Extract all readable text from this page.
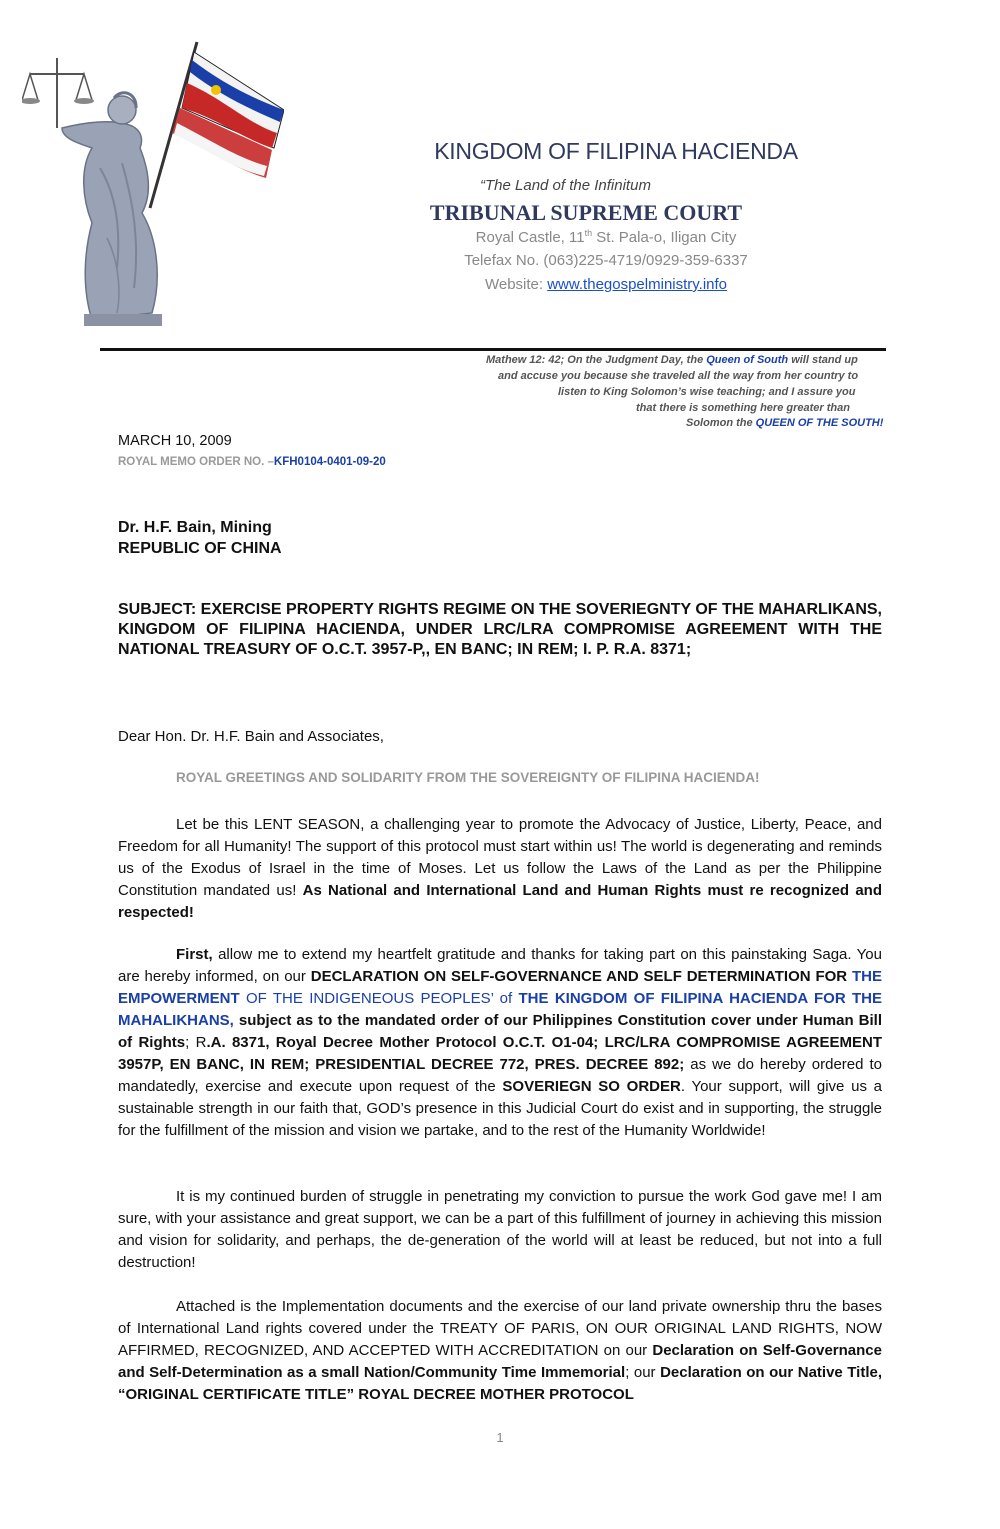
KINGDOM OF FILIPINA HACIENDA
“The Land of the Infinitum
TRIBUNAL SUPREME COURT
Royal Castle, 11th St. Pala-o, Iligan City
Telefax No. (063)225-4719/0929-359-6337
Website: www.thegospelministry.info
Mathew 12: 42; On the Judgment Day, the Queen of South will stand up
and accuse you because she traveled all the way from her country to
listen to King Solomon’s wise teaching; and I assure you
that there is something here greater than
Solomon the QUEEN OF THE SOUTH!
MARCH 10, 2009
ROYAL MEMO ORDER NO. –KFH0104-0401-09-20
Dr. H.F. Bain, Mining
REPUBLIC OF CHINA
SUBJECT: EXERCISE PROPERTY RIGHTS REGIME ON THE SOVERIEGNTY OF THE MAHARLIKANS, KINGDOM OF FILIPINA HACIENDA, UNDER LRC/LRA COMPROMISE AGREEMENT WITH THE NATIONAL TREASURY OF O.C.T. 3957-P,, EN BANC; IN REM; I. P. R.A. 8371;
Dear Hon. Dr. H.F. Bain and Associates,
ROYAL GREETINGS AND SOLIDARITY FROM THE SOVEREIGNTY OF FILIPINA HACIENDA!

Let be this LENT SEASON, a challenging year to promote the Advocacy of Justice, Liberty, Peace, and Freedom for all Humanity! The support of this protocol must start within us! The world is degenerating and reminds us of the Exodus of Israel in the time of Moses. Let us follow the Laws of the Land as per the Philippine Constitution mandated us! As National and International Land and Human Rights must re recognized and respected!

First, allow me to extend my heartfelt gratitude and thanks for taking part on this painstaking Saga. You are hereby informed, on our DECLARATION ON SELF-GOVERNANCE AND SELF DETERMINATION FOR THE EMPOWERMENT OF THE INDIGENEOUS PEOPLES’ of THE KINGDOM OF FILIPINA HACIENDA FOR THE MAHALIKHANS, subject as to the mandated order of our Philippines Constitution cover under Human Bill of Rights; R.A. 8371, Royal Decree Mother Protocol O.C.T. O1-04; LRC/LRA COMPROMISE AGREEMENT 3957P, EN BANC, IN REM; PRESIDENTIAL DECREE 772, PRES. DECREE 892; as we do hereby ordered to mandatedly, exercise and execute upon request of the SOVERIEGN SO ORDER. Your support, will give us a sustainable strength in our faith that, GOD’s presence in this Judicial Court do exist and in supporting, the struggle for the fulfillment of the mission and vision we partake, and to the rest of the Humanity Worldwide!

It is my continued burden of struggle in penetrating my conviction to pursue the work God gave me! I am sure, with your assistance and great support, we can be a part of this fulfillment of journey in achieving this mission and vision for solidarity, and perhaps, the de-generation of the world will at least be reduced, but not into a full destruction!

Attached is the Implementation documents and the exercise of our land private ownership thru the bases of International Land rights covered under the TREATY OF PARIS, ON OUR ORIGINAL LAND RIGHTS, NOW AFFIRMED, RECOGNIZED, AND ACCEPTED WITH ACCREDITATION on our Declaration on Self-Governance and Self-Determination as a small Nation/Community Time Immemorial; our Declaration on our Native Title, “ORIGINAL CERTIFICATE TITLE” ROYAL DECREE MOTHER PROTOCOL

1
